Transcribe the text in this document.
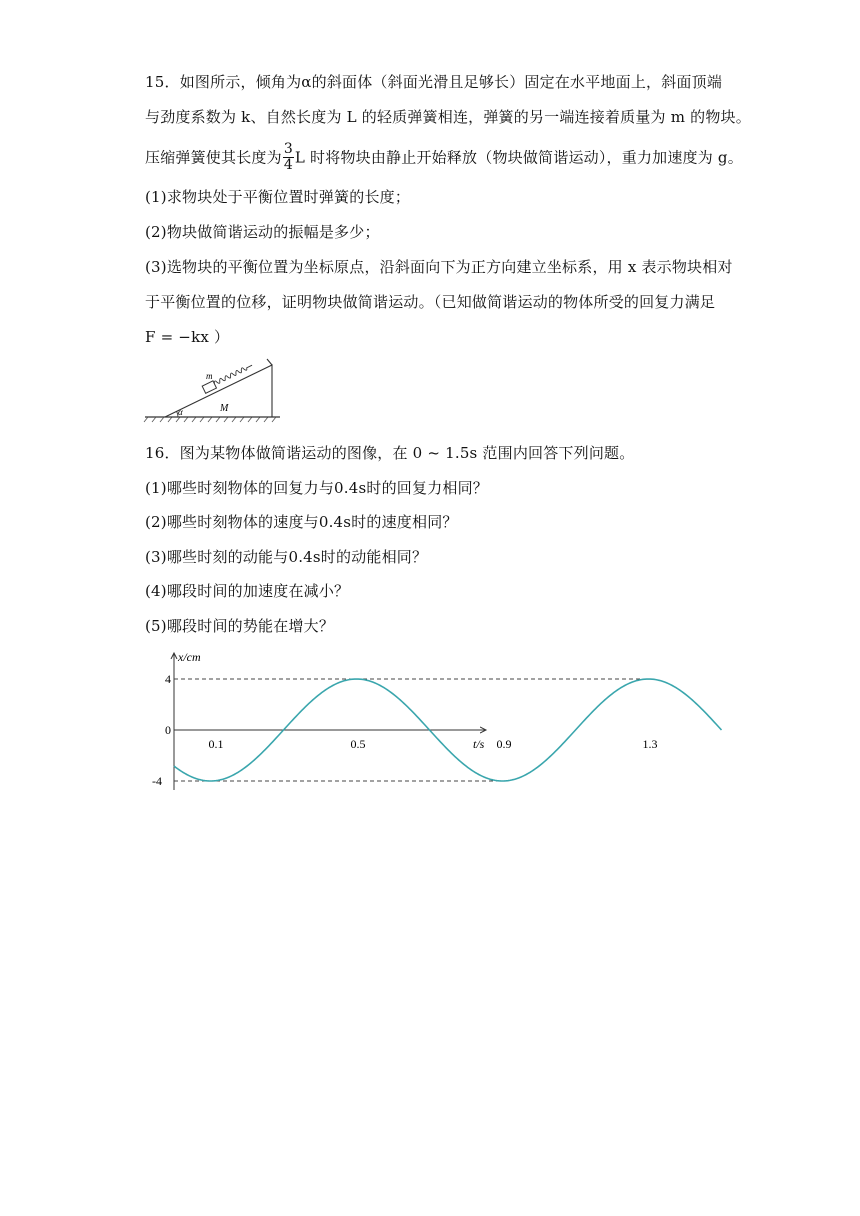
15．如图所示，倾角为α的斜面体（斜面光滑且足够长）固定在水平地面上，斜面顶端
与劲度系数为 k、自然长度为 L 的轻质弹簧相连，弹簧的另一端连接着质量为 m 的物块。
压缩弹簧使其长度为 $\frac{3}{4}$ L 时将物块由静止开始释放（物块做简谐运动），重力加速度为 g。
(1)求物块处于平衡位置时弹簧的长度；
(2)物块做简谐运动的振幅是多少；
(3)选物块的平衡位置为坐标原点，沿斜面向下为正方向建立坐标系，用 x 表示物块相对
于平衡位置的位移，证明物块做简谐运动。（已知做简谐运动的物体所受的回复力满足
F = −kx ）
α	M
m
16．图为某物体做简谐运动的图像，在 0 ~ 1.5s 范围内回答下列问题。
(1)哪些时刻物体的回复力与0.4s时的回复力相同？
(2)哪些时刻物体的速度与0.4s时的速度相同？
(3)哪些时刻的动能与0.4s时的动能相同？
(4)哪段时间的加速度在减小？
(5)哪段时间的势能在增大？
x/cm
t/s
0.1	0.5	0.9	1.3
4
0
-4
